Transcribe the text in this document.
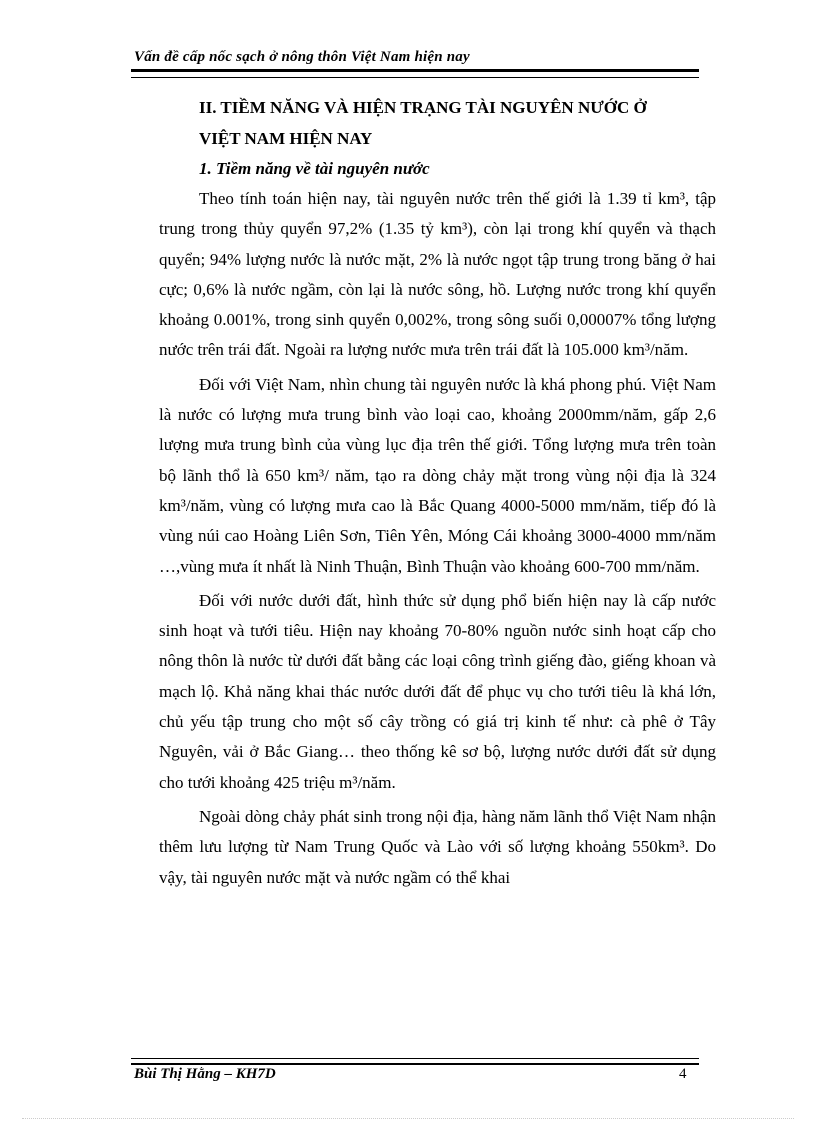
Vấn đề cấp nốc sạch ở nông thôn Việt Nam hiện nay
II. TIỀM NĂNG VÀ HIỆN TRẠNG TÀI NGUYÊN NƯỚC Ở
VIỆT NAM HIỆN NAY
1. Tiềm năng về tài nguyên nước

Theo tính toán hiện nay, tài nguyên nước trên thế giới là 1.39 tỉ km³, tập trung trong thủy quyển 97,2% (1.35 tỷ km³), còn lại trong khí quyển và thạch quyển; 94% lượng nước là nước mặt, 2% là nước ngọt tập trung trong băng ở hai cực; 0,6% là nước ngầm, còn lại là nước sông, hồ. Lượng nước trong khí quyển khoảng 0.001%, trong sinh quyển 0,002%, trong sông suối 0,00007% tổng lượng nước trên trái đất. Ngoài ra lượng nước mưa trên trái đất là 105.000 km³/năm.

Đối với Việt Nam, nhìn chung tài nguyên nước là khá phong phú. Việt Nam là nước có lượng mưa trung bình vào loại cao, khoảng 2000mm/năm, gấp 2,6 lượng mưa trung bình của vùng lục địa trên thế giới. Tổng lượng mưa trên toàn bộ lãnh thổ là 650 km³/ năm, tạo ra dòng chảy mặt trong vùng nội địa là 324 km³/năm, vùng có lượng mưa cao là Bắc Quang 4000-5000 mm/năm, tiếp đó là vùng núi cao Hoàng Liên Sơn, Tiên Yên, Móng Cái khoảng 3000-4000 mm/năm …,vùng mưa ít nhất là Ninh Thuận, Bình Thuận vào khoảng 600-700 mm/năm.

Đối với nước dưới đất, hình thức sử dụng phổ biến hiện nay là cấp nước sinh hoạt và tưới tiêu. Hiện nay khoảng 70-80% nguồn nước sinh hoạt cấp cho nông thôn là nước từ dưới đất bằng các loại công trình giếng đào, giếng khoan và mạch lộ. Khả năng khai thác nước dưới đất để phục vụ cho tưới tiêu là khá lớn, chủ yếu tập trung cho một số cây trồng có giá trị kinh tế như: cà phê ở Tây Nguyên, vải ở Bắc Giang… theo thống kê sơ bộ, lượng nước dưới đất sử dụng cho tưới khoảng 425 triệu m³/năm.

Ngoài dòng chảy phát sinh trong nội địa, hàng năm lãnh thổ Việt Nam nhận thêm lưu lượng từ Nam Trung Quốc và Lào với số lượng khoảng 550km³. Do vậy, tài nguyên nước mặt và nước ngầm có thể khai

Bùi Thị Hằng – KH7D	4
